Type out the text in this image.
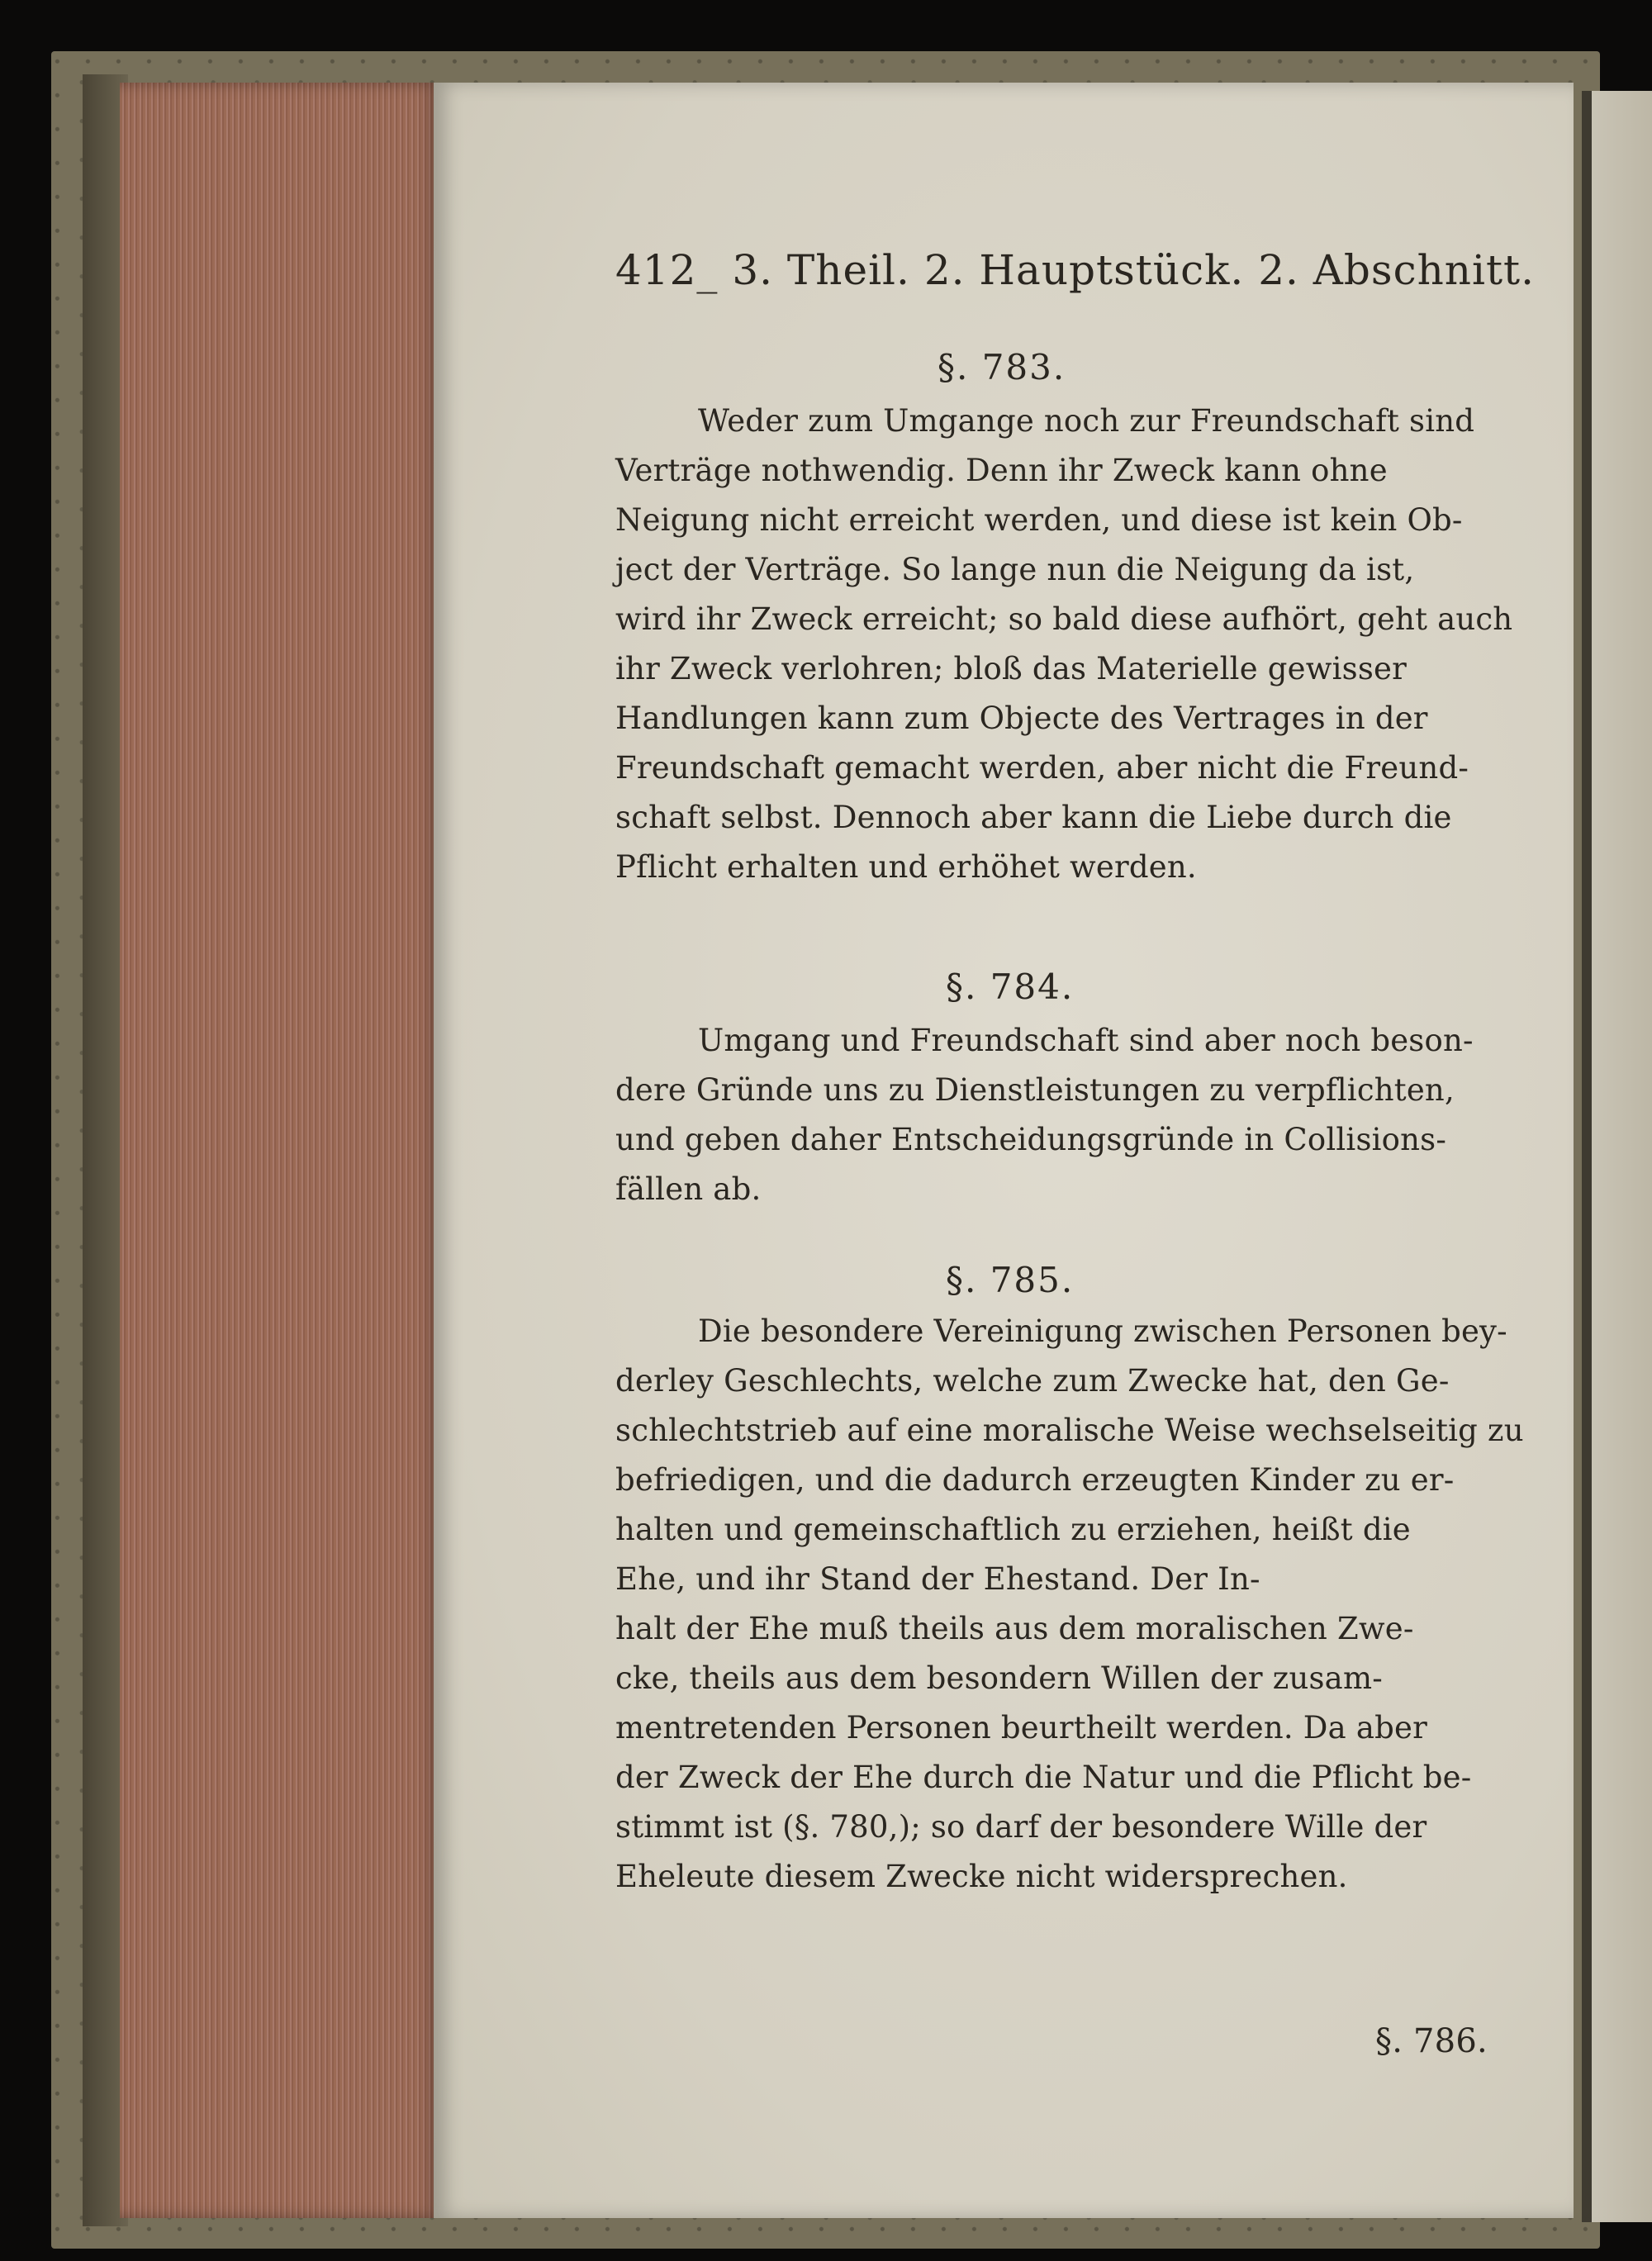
412_ 3. Theil. 2. Hauptstück. 2. Abschnitt.
§. 783.
Weder zum Umgange noch zur Freundschaft sind
Verträge nothwendig. Denn ihr Zweck kann ohne
Neigung nicht erreicht werden, und diese ist kein Ob-
ject der Verträge. So lange nun die Neigung da ist,
wird ihr Zweck erreicht; so bald diese aufhört, geht auch
ihr Zweck verlohren; bloß das Materielle gewisser
Handlungen kann zum Objecte des Vertrages in der
Freundschaft gemacht werden, aber nicht die Freund-
schaft selbst. Dennoch aber kann die Liebe durch die
Pflicht erhalten und erhöhet werden.
§. 784.
Umgang und Freundschaft sind aber noch beson-
dere Gründe uns zu Dienstleistungen zu verpflichten,
und geben daher Entscheidungsgründe in Collisions-
fällen ab.
§. 785.
Die besondere Vereinigung zwischen Personen bey-
derley Geschlechts, welche zum Zwecke hat, den Ge-
schlechtstrieb auf eine moralische Weise wechselseitig zu
befriedigen, und die dadurch erzeugten Kinder zu er-
halten und gemeinschaftlich zu erziehen, heißt die
Ehe, und ihr Stand der Ehestand. Der In-
halt der Ehe muß theils aus dem moralischen Zwe-
cke, theils aus dem besondern Willen der zusam-
mentretenden Personen beurtheilt werden. Da aber
der Zweck der Ehe durch die Natur und die Pflicht be-
stimmt ist (§. 780,); so darf der besondere Wille der
Eheleute diesem Zwecke nicht widersprechen.
§. 786.
